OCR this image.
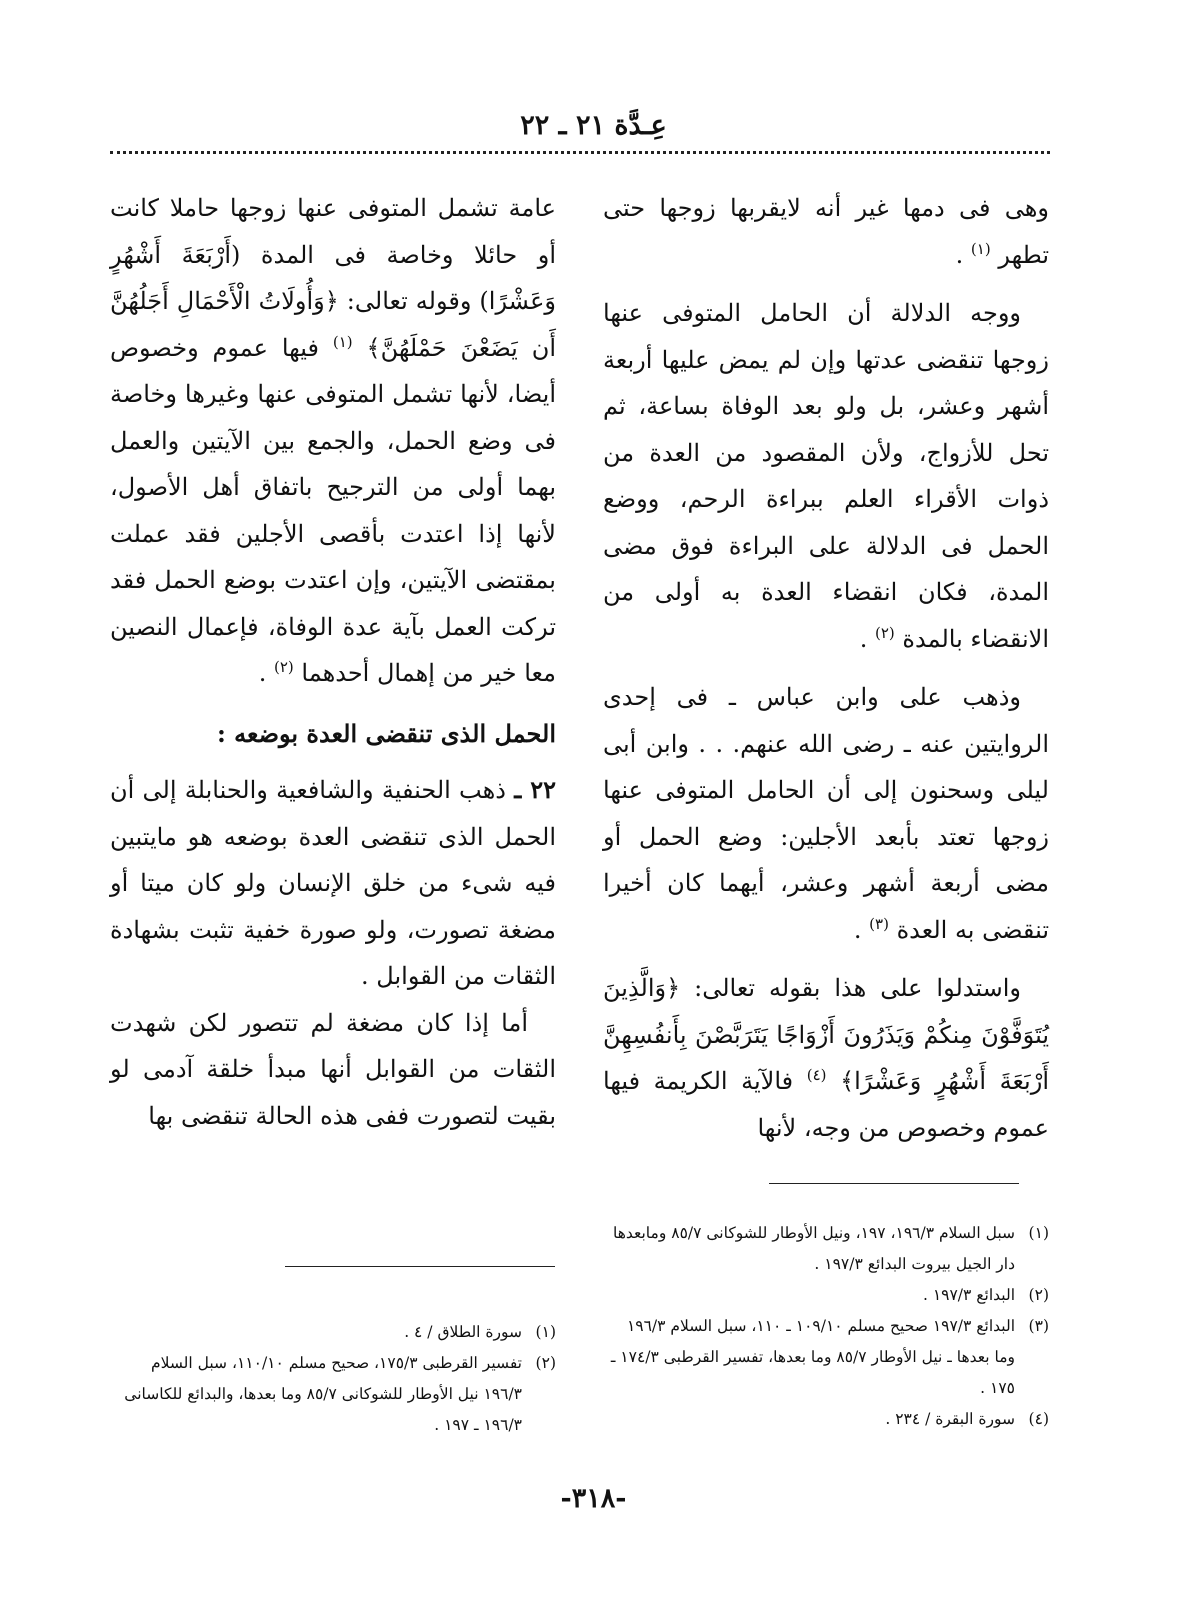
عِـدَّة ٢١ ـ ٢٢

وهى فى دمها غير أنه لايقربها زوجها حتى تطهر $^{(١)}$ .

ووجه الدلالة أن الحامل المتوفى عنها زوجها تنقضى عدتها وإن لم يمض عليها أربعة أشهر وعشر، بل ولو بعد الوفاة بساعة، ثم تحل للأزواج، ولأن المقصود من العدة من ذوات الأقراء العلم ببراءة الرحم، ووضع الحمل فى الدلالة على البراءة فوق مضى المدة، فكان انقضاء العدة به أولى من الانقضاء بالمدة $^{(٢)}$ .

وذهب على وابن عباس ـ فى إحدى الروايتين عنه ـ رضى الله عنهم. . . وابن أبى ليلى وسحنون إلى أن الحامل المتوفى عنها زوجها تعتد بأبعد الأجلين: وضع الحمل أو مضى أربعة أشهر وعشر، أيهما كان أخيرا تنقضى به العدة $^{(٣)}$ .

واستدلوا على هذا بقوله تعالى: ﴿وَالَّذِينَ يُتَوَفَّوْنَ مِنكُمْ وَيَذَرُونَ أَزْوَاجًا يَتَرَبَّصْنَ بِأَنفُسِهِنَّ أَرْبَعَةَ أَشْهُرٍ وَعَشْرًا﴾ $^{(٤)}$ فالآية الكريمة فيها عموم وخصوص من وجه، لأنها

عامة تشمل المتوفى عنها زوجها حاملا كانت أو حائلا وخاصة فى المدة (أَرْبَعَةَ أَشْهُرٍ وَعَشْرًا) وقوله تعالى: ﴿وَأُولَاتُ الْأَحْمَالِ أَجَلُهُنَّ أَن يَضَعْنَ حَمْلَهُنَّ﴾ $^{(١)}$ فيها عموم وخصوص أيضا، لأنها تشمل المتوفى عنها وغيرها وخاصة فى وضع الحمل، والجمع بين الآيتين والعمل بهما أولى من الترجيح باتفاق أهل الأصول، لأنها إذا اعتدت بأقصى الأجلين فقد عملت بمقتضى الآيتين، وإن اعتدت بوضع الحمل فقد تركت العمل بآية عدة الوفاة، فإعمال النصين معا خير من إهمال أحدهما $^{(٢)}$ .

الحمل الذى تنقضى العدة بوضعه :

٢٢ ـ ذهب الحنفية والشافعية والحنابلة إلى أن الحمل الذى تنقضى العدة بوضعه هو مايتبين فيه شىء من خلق الإنسان ولو كان ميتا أو مضغة تصورت، ولو صورة خفية تثبت بشهادة الثقات من القوابل .

أما إذا كان مضغة لم تتصور لكن شهدت الثقات من القوابل أنها مبدأ خلقة آدمى لو بقيت لتصورت ففى هذه الحالة تنقضى بها

(١)
سبل السلام ١٩٦/٣، ١٩٧، ونيل الأوطار للشوكانى ٨٥/٧ ومابعدها دار الجيل بيروت البدائع ١٩٧/٣ .

(٢)
البدائع ١٩٧/٣ .

(٣)
البدائع ١٩٧/٣ صحيح مسلم ١٠٩/١٠ ـ ١١٠، سبل السلام ١٩٦/٣ وما بعدها ـ نيل الأوطار ٨٥/٧ وما بعدها، تفسير القرطبى ١٧٤/٣ ـ ١٧٥ .

(٤)
سورة البقرة / ٢٣٤ .

(١)
سورة الطلاق / ٤ .

(٢)
تفسير القرطبى ١٧٥/٣، صحيح مسلم ١١٠/١٠، سبل السلام ١٩٦/٣ نيل الأوطار للشوكانى ٨٥/٧ وما بعدها، والبدائع للكاسانى ١٩٦/٣ ـ ١٩٧ .

-٣١٨-
